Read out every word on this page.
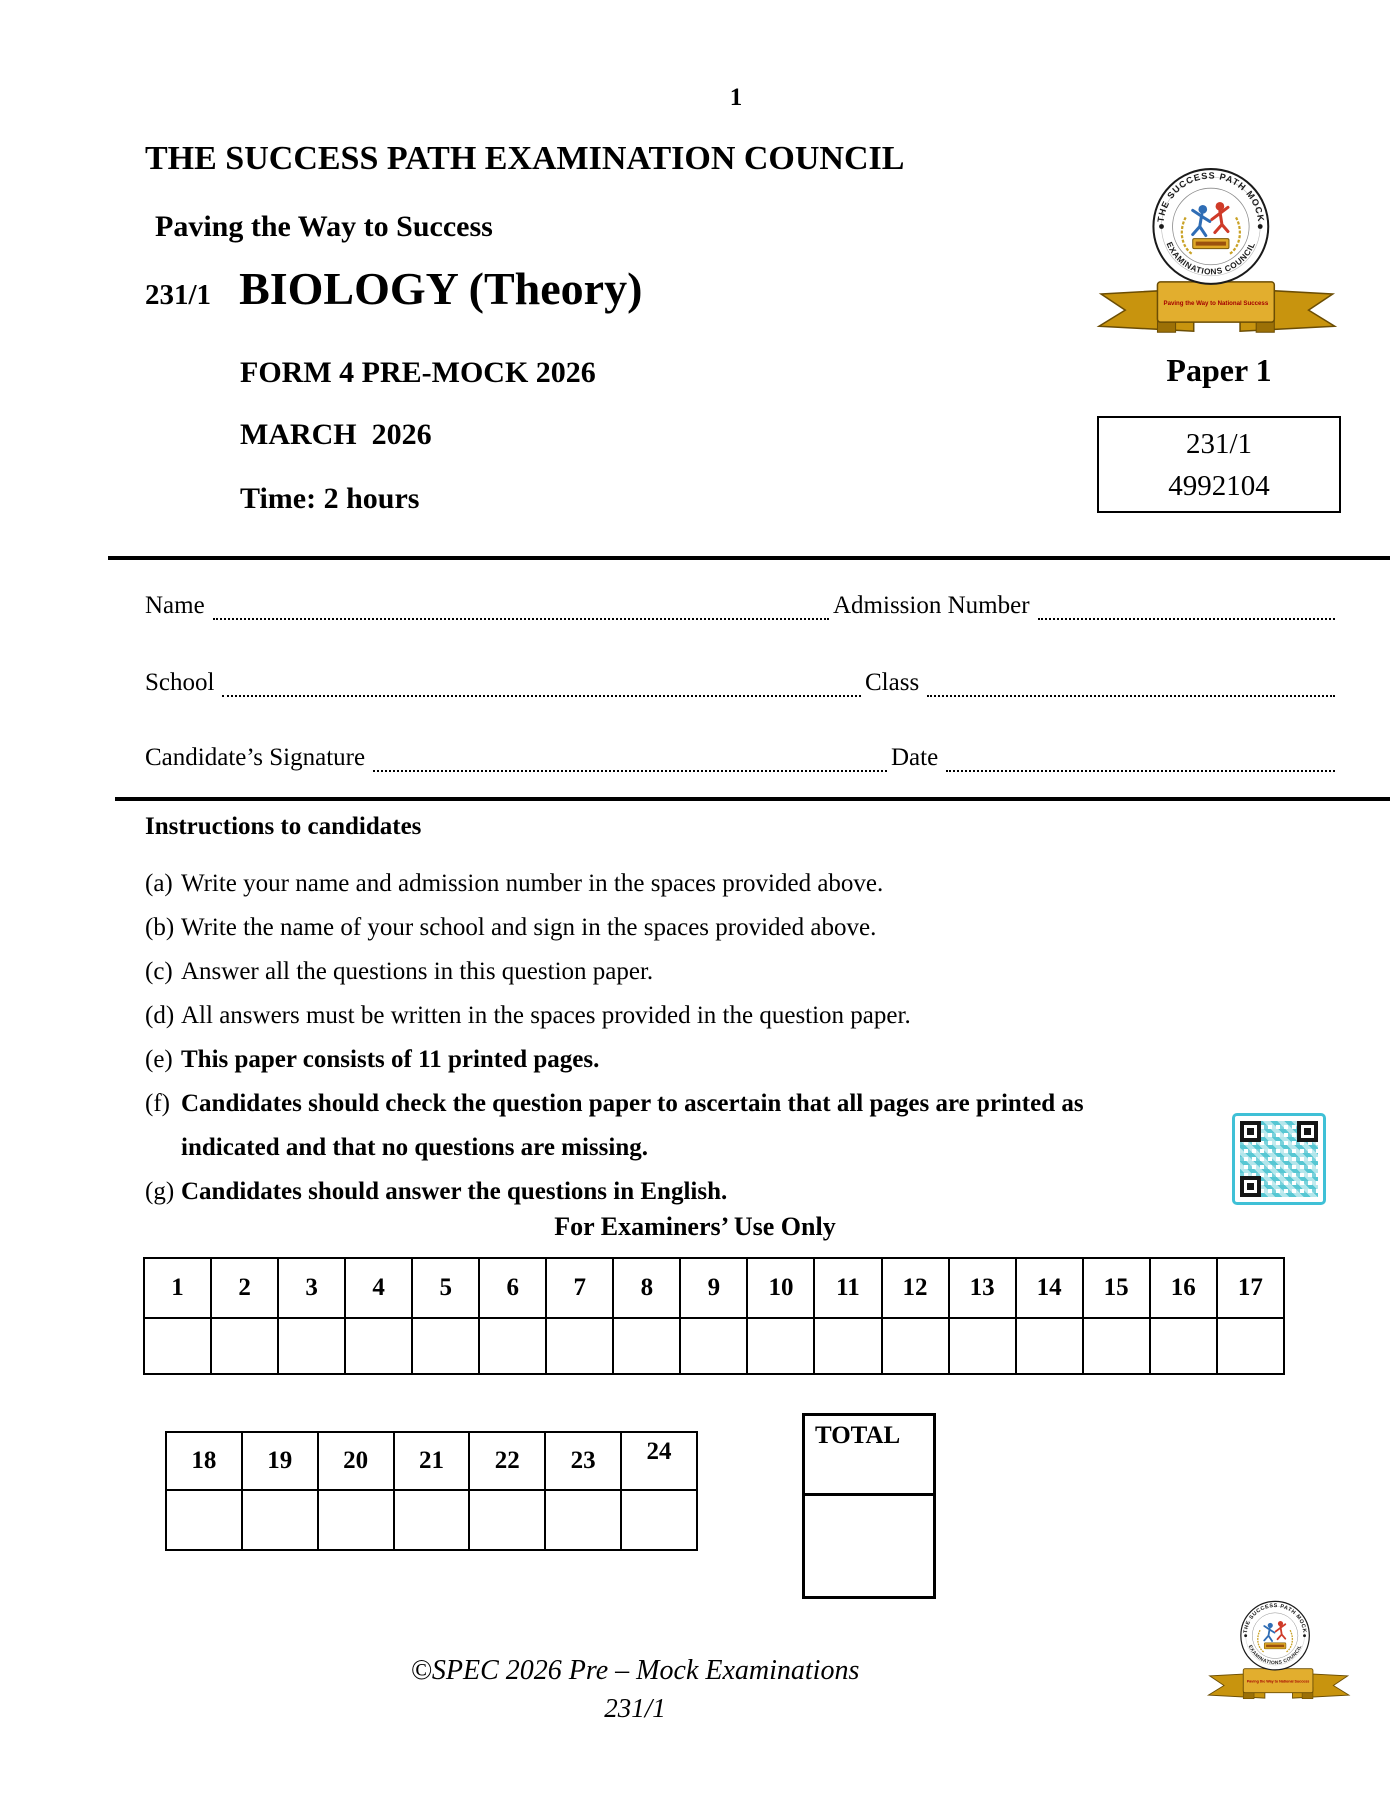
1
THE SUCCESS PATH EXAMINATION COUNCIL
Paving the Way to Success
231/1 BIOLOGY (Theory)
FORM 4 PRE-MOCK 2026
MARCH  2026
Time: 2 hours
Paper 1
231/1
4992104
Name	Admission Number
School	Class
Candidate’s Signature	Date
Instructions to candidates
(a) Write your name and admission number in the spaces provided above.
(b) Write the name of your school and sign in the spaces provided above.
(c) Answer all the questions in this question paper.
(d) All answers must be written in the spaces provided in the question paper.
(e) This paper consists of 11 printed pages.
(f) Candidates should check the question paper to ascertain that all pages are printed as indicated and that no questions are missing.
(g) Candidates should answer the questions in English.
For Examiners’ Use Only
1	2	3	4	5	6	7	8	9	10	11	12	13	14	15	16	17

18	19	20	21	22	23	24

TOTAL
©SPEC 2026 Pre – Mock Examinations
231/1
